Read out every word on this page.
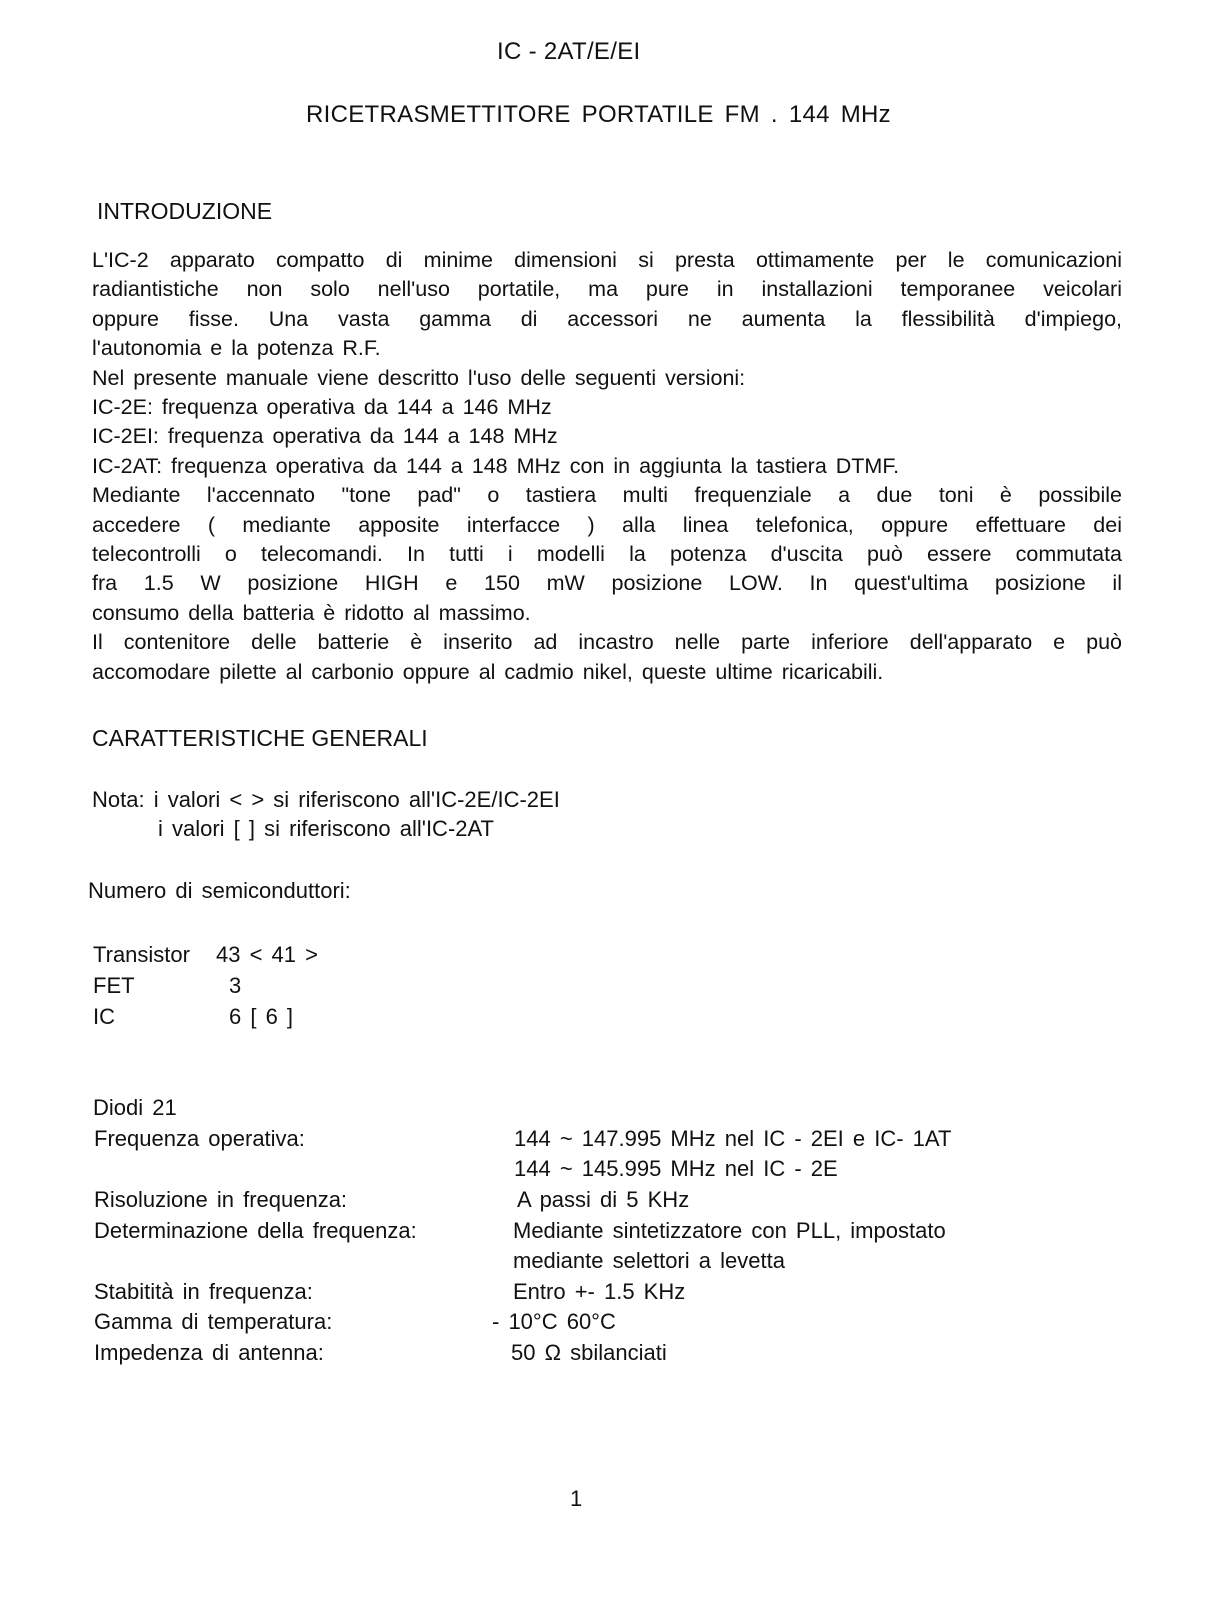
IC - 2AT/E/EI
RICETRASMETTITORE PORTATILE FM . 144 MHz
INTRODUZIONE
L'IC-2 apparato compatto di minime dimensioni si presta ottimamente per le comunicazioni
radiantistiche non solo nell'uso portatile, ma pure in installazioni temporanee veicolari
oppure fisse. Una vasta gamma di accessori ne aumenta la flessibilità d'impiego,
l'autonomia e la potenza R.F.
Nel presente manuale viene descritto l'uso delle seguenti versioni:
IC-2E: frequenza operativa da 144 a 146 MHz
IC-2EI: frequenza operativa da 144 a 148 MHz
IC-2AT: frequenza operativa da 144 a 148 MHz con in aggiunta la tastiera DTMF.
Mediante l'accennato "tone pad" o tastiera multi frequenziale a due toni è possibile
accedere ( mediante apposite interfacce ) alla linea telefonica, oppure effettuare dei
telecontrolli o telecomandi. In tutti i modelli la potenza d'uscita può essere commutata
fra 1.5 W posizione HIGH e 150 mW posizione LOW. In quest'ultima posizione il
consumo della batteria è ridotto al massimo.
Il contenitore delle batterie è inserito ad incastro nelle parte inferiore dell'apparato e può
accomodare pilette al carbonio oppure al cadmio nikel, queste ultime ricaricabili.
CARATTERISTICHE GENERALI
Nota: i valori < > si riferiscono all'IC-2E/IC-2EI
i valori [ ] si riferiscono all'IC-2AT
Numero di semiconduttori:
Transistor 43 < 41 >
FET	3
IC	6 [ 6 ]
Diodi 21
Frequenza operativa:	144 ~ 147.995 MHz nel IC - 2EI e IC- 1AT
144 ~ 145.995 MHz nel IC - 2E
Risoluzione in frequenza:	A passi di 5 KHz
Determinazione della frequenza:	Mediante sintetizzatore con PLL, impostato
mediante selettori a levetta
Stabitità in frequenza:	Entro +- 1.5 KHz
Gamma di temperatura:	- 10°C 60°C
Impedenza di antenna:	50 Ω sbilanciati
1
